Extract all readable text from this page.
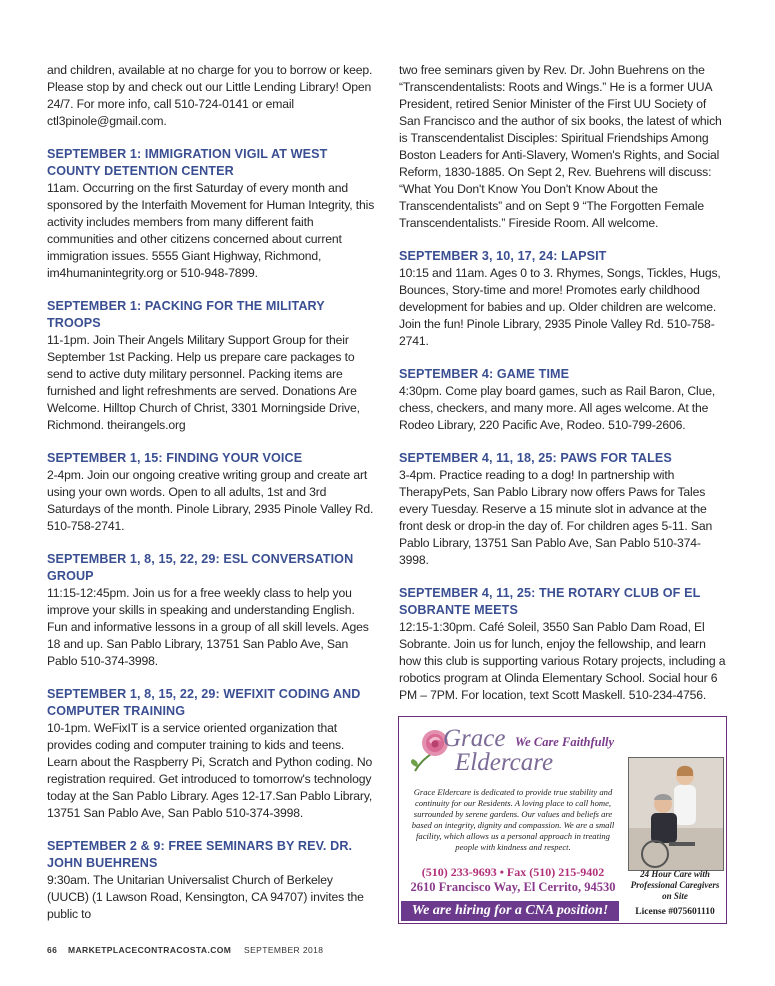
and children, available at no charge for you to borrow or keep. Please stop by and check out our Little Lending Library! Open 24/7. For more info, call 510-724-0141 or email ctl3pinole@gmail.com.

SEPTEMBER 1: IMMIGRATION VIGIL AT WEST COUNTY DETENTION CENTER

11am. Occurring on the first Saturday of every month and sponsored by the Interfaith Movement for Human Integrity, this activity includes members from many different faith communities and other citizens concerned about current immigration issues. 5555 Giant Highway, Richmond, im4humanintegrity.org or 510-948-7899.

SEPTEMBER 1: PACKING FOR THE MILITARY TROOPS

11-1pm. Join Their Angels Military Support Group for their September 1st Packing. Help us prepare care packages to send to active duty military personnel. Packing items are furnished and light refreshments are served. Donations Are Welcome. Hilltop Church of Christ, 3301 Morningside Drive, Richmond. theirangels.org

SEPTEMBER 1, 15: FINDING YOUR VOICE

2-4pm. Join our ongoing creative writing group and create art using your own words. Open to all adults, 1st and 3rd Saturdays of the month. Pinole Library, 2935 Pinole Valley Rd. 510-758-2741.

SEPTEMBER 1, 8, 15, 22, 29: ESL CONVERSATION GROUP

11:15-12:45pm. Join us for a free weekly class to help you improve your skills in speaking and understanding English. Fun and informative lessons in a group of all skill levels. Ages 18 and up. San Pablo Library, 13751 San Pablo Ave, San Pablo 510-374-3998.

SEPTEMBER 1, 8, 15, 22, 29: WEFIXIT CODING AND COMPUTER TRAINING

10-1pm. WeFixIT is a service oriented organization that provides coding and computer training to kids and teens. Learn about the Raspberry Pi, Scratch and Python coding. No registration required. Get introduced to tomorrow's technology today at the San Pablo Library. Ages 12-17.San Pablo Library, 13751 San Pablo Ave, San Pablo 510-374-3998.

SEPTEMBER 2 & 9: FREE SEMINARS BY REV. DR. JOHN BUEHRENS

9:30am. The Unitarian Universalist Church of Berkeley (UUCB) (1 Lawson Road, Kensington, CA 94707) invites the public to

two free seminars given by Rev. Dr. John Buehrens on the “Transcendentalists: Roots and Wings.” He is a former UUA President, retired Senior Minister of the First UU Society of San Francisco and the author of six books, the latest of which is Transcendentalist Disciples: Spiritual Friendships Among Boston Leaders for Anti-Slavery, Women's Rights, and Social Reform, 1830-1885. On Sept 2, Rev. Buehrens will discuss: “What You Don't Know You Don't Know About the Transcendentalists” and on Sept 9 “The Forgotten Female Transcendentalists.” Fireside Room. All welcome.

SEPTEMBER 3, 10, 17, 24: LAPSIT

10:15 and 11am. Ages 0 to 3. Rhymes, Songs, Tickles, Hugs, Bounces, Story-time and more! Promotes early childhood development for babies and up. Older children are welcome. Join the fun! Pinole Library, 2935 Pinole Valley Rd. 510-758-2741.

SEPTEMBER 4: GAME TIME

4:30pm. Come play board games, such as Rail Baron, Clue, chess, checkers, and many more. All ages welcome. At the Rodeo Library, 220 Pacific Ave, Rodeo. 510-799-2606.

SEPTEMBER 4, 11, 18, 25: PAWS FOR TALES

3-4pm. Practice reading to a dog! In partnership with TherapyPets, San Pablo Library now offers Paws for Tales every Tuesday. Reserve a 15 minute slot in advance at the front desk or drop-in the day of. For children ages 5-11. San Pablo Library, 13751 San Pablo Ave, San Pablo 510-374-3998.

SEPTEMBER 4, 11, 25: THE ROTARY CLUB OF EL SOBRANTE MEETS

12:15-1:30pm. Café Soleil, 3550 San Pablo Dam Road, El Sobrante. Join us for lunch, enjoy the fellowship, and learn how this club is supporting various Rotary projects, including a robotics program at Olinda Elementary School. Social hour 6 PM – 7PM. For location, text Scott Maskell. 510-234-4756.

Grace
Eldercare
We Care Faithfully
Grace Eldercare is dedicated to provide true stability and continuity for our Residents. A loving place to call home, surrounded by serene gardens. Our values and beliefs are based on integrity, dignity and compassion. We are a small facility, which allows us a personal approach in treating people with kindness and respect.
(510) 233-9693 • Fax (510) 215-9402
2610 Francisco Way, El Cerrito, 94530
We are hiring for a CNA position!
24 Hour Care with Professional Caregivers on Site
License #075601110
66 MARKETPLACECONTRACOSTA.COM SEPTEMBER 2018
